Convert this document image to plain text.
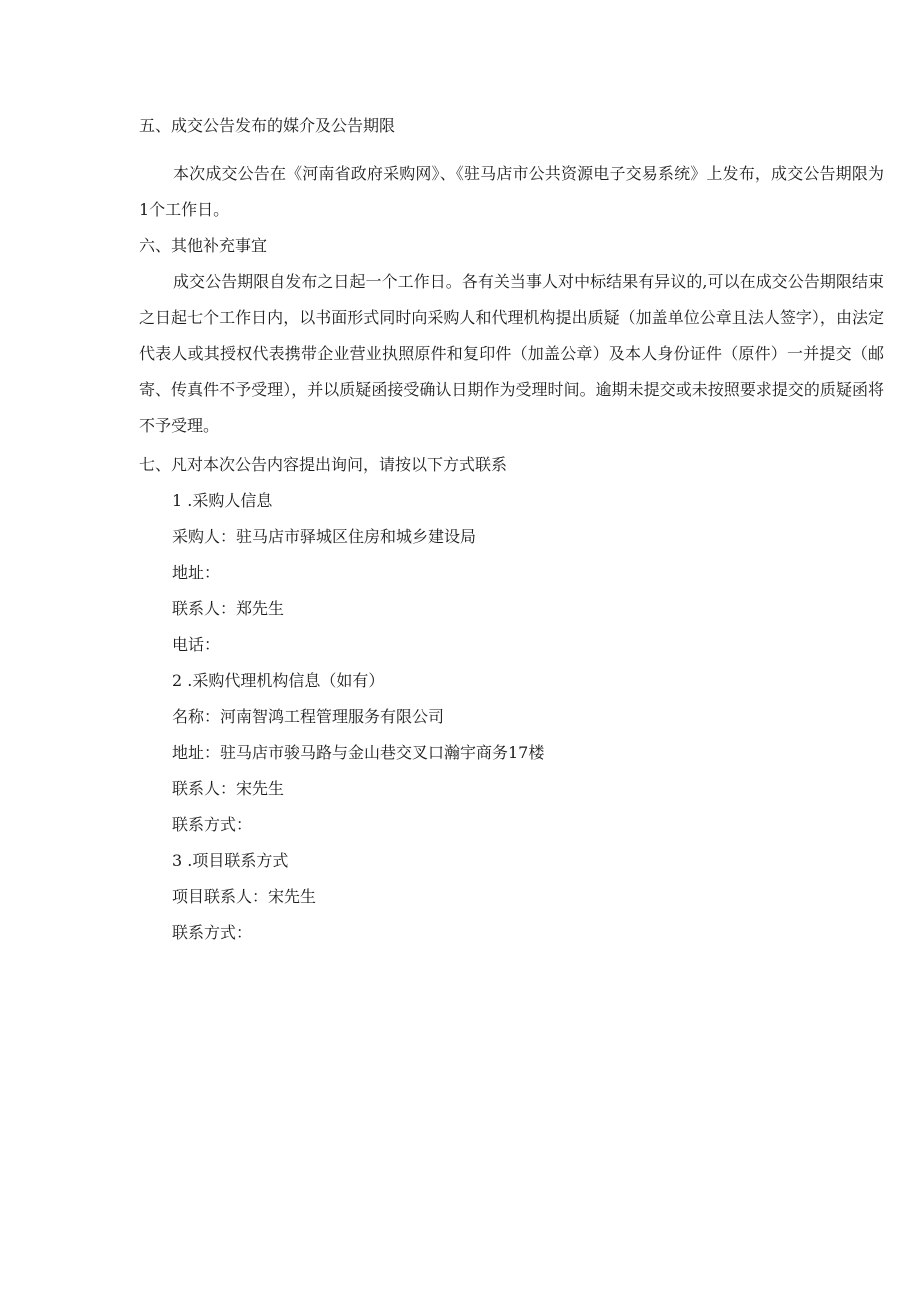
五、成交公告发布的媒介及公告期限
本次成交公告在《河南省政府采购网》、《驻马店市公共资源电子交易系统》上发布，成交公告期限为1个工作日。
六、其他补充事宜
成交公告期限自发布之日起一个工作日。各有关当事人对中标结果有异议的,可以在成交公告期限结束之日起七个工作日内，以书面形式同时向采购人和代理机构提出质疑（加盖单位公章且法人签字），由法定代表人或其授权代表携带企业营业执照原件和复印件（加盖公章）及本人身份证件（原件）一并提交（邮寄、传真件不予受理），并以质疑函接受确认日期作为受理时间。逾期未提交或未按照要求提交的质疑函将不予受理。
七、凡对本次公告内容提出询问，请按以下方式联系
1 .采购人信息
采购人：驻马店市驿城区住房和城乡建设局
地址：
联系人：郑先生
电话：
2 .采购代理机构信息（如有）
名称：河南智鸿工程管理服务有限公司
地址：驻马店市骏马路与金山巷交叉口瀚宇商务17楼
联系人：宋先生
联系方式：
3 .项目联系方式
项目联系人：宋先生
联系方式：
